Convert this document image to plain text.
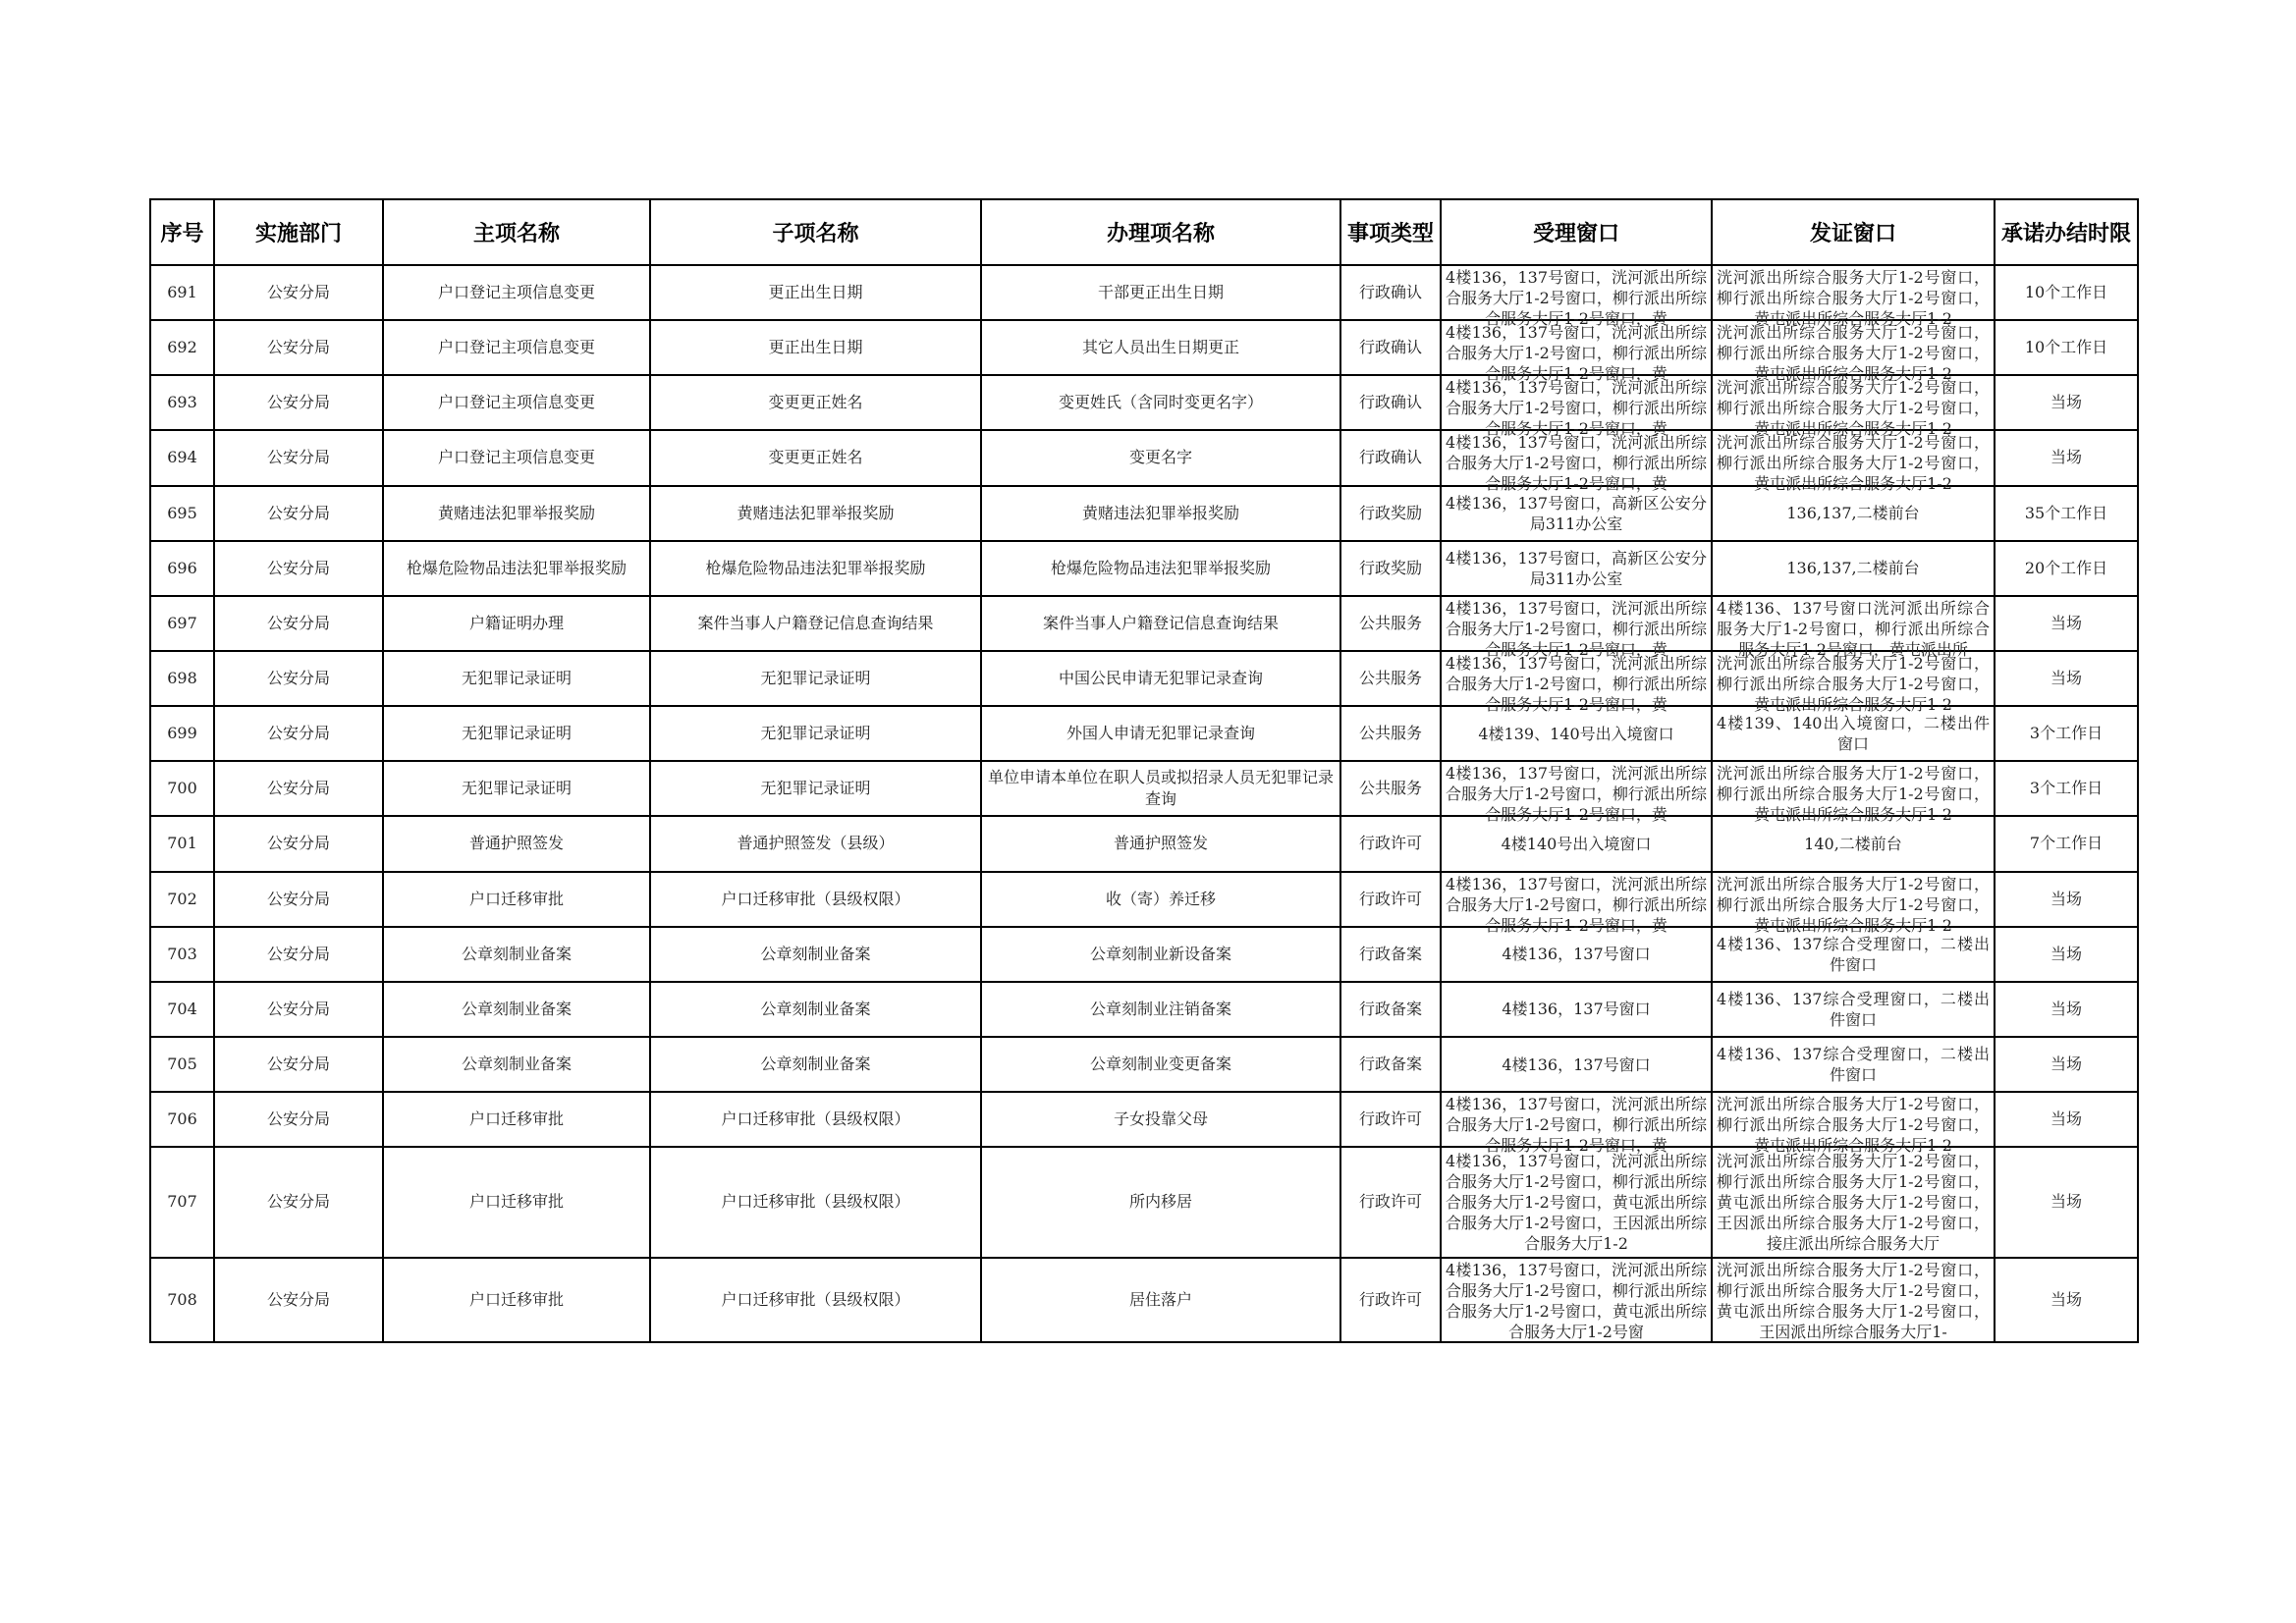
序号	实施部门	主项名称	子项名称	办理项名称	事项类型	受理窗口	发证窗口	承诺办结时限
691	公安分局	户口登记主项信息变更	更正出生日期	干部更正出生日期	行政确认	4楼136，137号窗口，洸河派出所综合服务大厅1-2号窗口，柳行派出所综合服务大厅1-2号窗口，黄	洸河派出所综合服务大厅1-2号窗口，柳行派出所综合服务大厅1-2号窗口，黄屯派出所综合服务大厅1-2	10个工作日
692	公安分局	户口登记主项信息变更	更正出生日期	其它人员出生日期更正	行政确认	4楼136，137号窗口，洸河派出所综合服务大厅1-2号窗口，柳行派出所综合服务大厅1-2号窗口，黄	洸河派出所综合服务大厅1-2号窗口，柳行派出所综合服务大厅1-2号窗口，黄屯派出所综合服务大厅1-2	10个工作日
693	公安分局	户口登记主项信息变更	变更更正姓名	变更姓氏（含同时变更名字）	行政确认	4楼136，137号窗口，洸河派出所综合服务大厅1-2号窗口，柳行派出所综合服务大厅1-2号窗口，黄	洸河派出所综合服务大厅1-2号窗口，柳行派出所综合服务大厅1-2号窗口，黄屯派出所综合服务大厅1-2	当场
694	公安分局	户口登记主项信息变更	变更更正姓名	变更名字	行政确认	4楼136，137号窗口，洸河派出所综合服务大厅1-2号窗口，柳行派出所综合服务大厅1-2号窗口，黄	洸河派出所综合服务大厅1-2号窗口，柳行派出所综合服务大厅1-2号窗口，黄屯派出所综合服务大厅1-2	当场
695	公安分局	黄赌违法犯罪举报奖励	黄赌违法犯罪举报奖励	黄赌违法犯罪举报奖励	行政奖励	4楼136，137号窗口，高新区公安分局311办公室	136,137,二楼前台	35个工作日
696	公安分局	枪爆危险物品违法犯罪举报奖励	枪爆危险物品违法犯罪举报奖励	枪爆危险物品违法犯罪举报奖励	行政奖励	4楼136，137号窗口，高新区公安分局311办公室	136,137,二楼前台	20个工作日
697	公安分局	户籍证明办理	案件当事人户籍登记信息查询结果	案件当事人户籍登记信息查询结果	公共服务	4楼136，137号窗口，洸河派出所综合服务大厅1-2号窗口，柳行派出所综合服务大厅1-2号窗口，黄	4楼136、137号窗口洸河派出所综合服务大厅1-2号窗口，柳行派出所综合服务大厅1-2号窗口，黄屯派出所	当场
698	公安分局	无犯罪记录证明	无犯罪记录证明	中国公民申请无犯罪记录查询	公共服务	4楼136，137号窗口，洸河派出所综合服务大厅1-2号窗口，柳行派出所综合服务大厅1-2号窗口，黄	洸河派出所综合服务大厅1-2号窗口，柳行派出所综合服务大厅1-2号窗口，黄屯派出所综合服务大厅1-2	当场
699	公安分局	无犯罪记录证明	无犯罪记录证明	外国人申请无犯罪记录查询	公共服务	4楼139、140号出入境窗口	4楼139、140出入境窗口，二楼出件窗口	3个工作日
700	公安分局	无犯罪记录证明	无犯罪记录证明	单位申请本单位在职人员或拟招录人员无犯罪记录查询	公共服务	4楼136，137号窗口，洸河派出所综合服务大厅1-2号窗口，柳行派出所综合服务大厅1-2号窗口，黄	洸河派出所综合服务大厅1-2号窗口，柳行派出所综合服务大厅1-2号窗口，黄屯派出所综合服务大厅1-2	3个工作日
701	公安分局	普通护照签发	普通护照签发（县级）	普通护照签发	行政许可	4楼140号出入境窗口	140,二楼前台	7个工作日
702	公安分局	户口迁移审批	户口迁移审批（县级权限）	收（寄）养迁移	行政许可	4楼136，137号窗口，洸河派出所综合服务大厅1-2号窗口，柳行派出所综合服务大厅1-2号窗口，黄	洸河派出所综合服务大厅1-2号窗口，柳行派出所综合服务大厅1-2号窗口，黄屯派出所综合服务大厅1-2	当场
703	公安分局	公章刻制业备案	公章刻制业备案	公章刻制业新设备案	行政备案	4楼136，137号窗口	4楼136、137综合受理窗口，二楼出件窗口	当场
704	公安分局	公章刻制业备案	公章刻制业备案	公章刻制业注销备案	行政备案	4楼136，137号窗口	4楼136、137综合受理窗口，二楼出件窗口	当场
705	公安分局	公章刻制业备案	公章刻制业备案	公章刻制业变更备案	行政备案	4楼136，137号窗口	4楼136、137综合受理窗口，二楼出件窗口	当场
706	公安分局	户口迁移审批	户口迁移审批（县级权限）	子女投靠父母	行政许可	4楼136，137号窗口，洸河派出所综合服务大厅1-2号窗口，柳行派出所综合服务大厅1-2号窗口，黄	洸河派出所综合服务大厅1-2号窗口，柳行派出所综合服务大厅1-2号窗口，黄屯派出所综合服务大厅1-2	当场
707	公安分局	户口迁移审批	户口迁移审批（县级权限）	所内移居	行政许可	4楼136，137号窗口，洸河派出所综合服务大厅1-2号窗口，柳行派出所综合服务大厅1-2号窗口，黄屯派出所综合服务大厅1-2号窗口，王因派出所综合服务大厅1-2	洸河派出所综合服务大厅1-2号窗口，柳行派出所综合服务大厅1-2号窗口，黄屯派出所综合服务大厅1-2号窗口，王因派出所综合服务大厅1-2号窗口，接庄派出所综合服务大厅	当场
708	公安分局	户口迁移审批	户口迁移审批（县级权限）	居住落户	行政许可	4楼136，137号窗口，洸河派出所综合服务大厅1-2号窗口，柳行派出所综合服务大厅1-2号窗口，黄屯派出所综合服务大厅1-2号窗	洸河派出所综合服务大厅1-2号窗口，柳行派出所综合服务大厅1-2号窗口，黄屯派出所综合服务大厅1-2号窗口，王因派出所综合服务大厅1-	当场
